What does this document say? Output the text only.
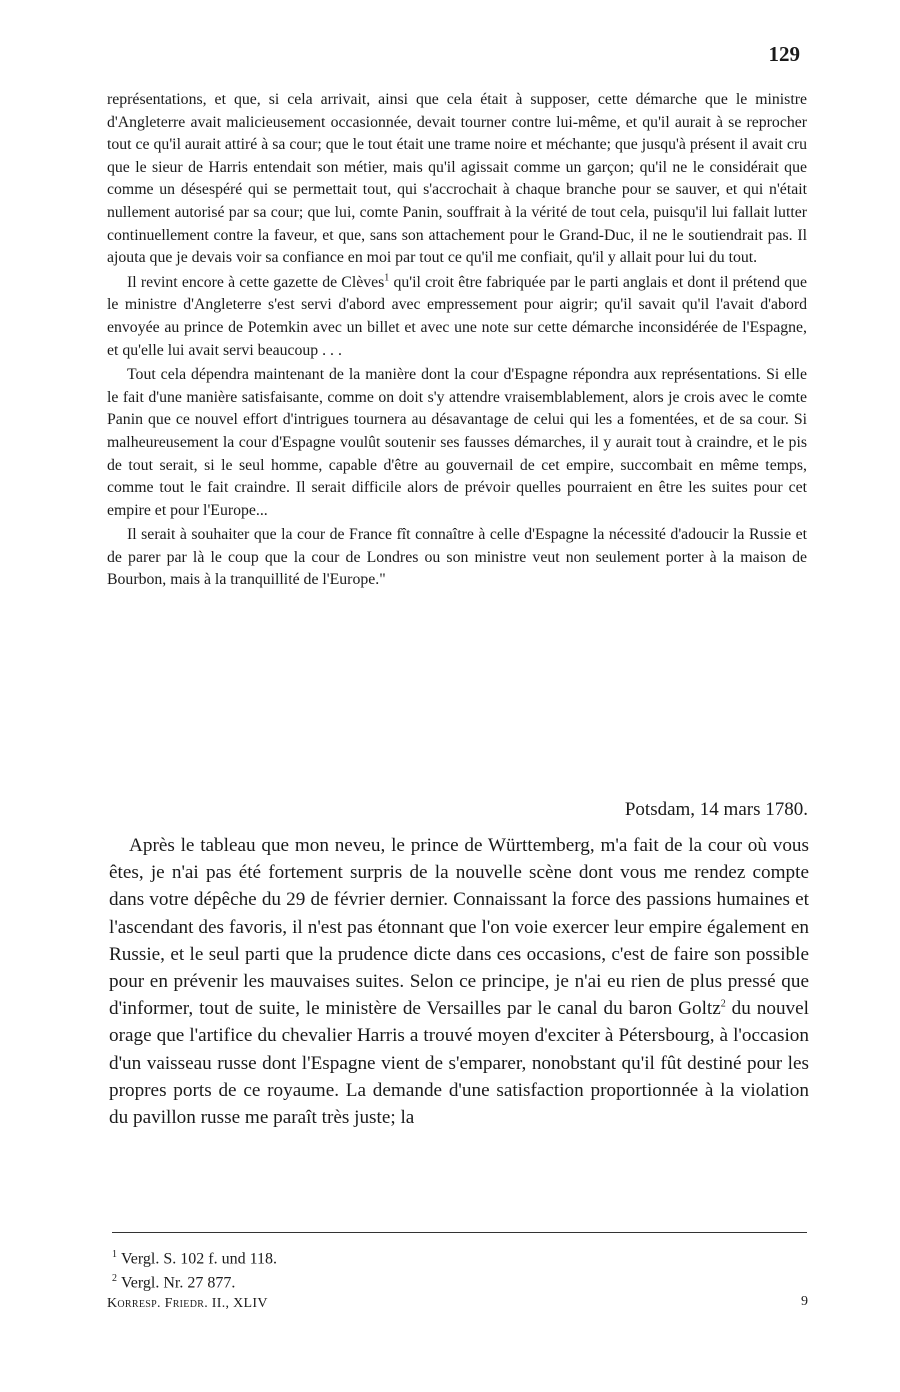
129

représentations, et que, si cela arrivait, ainsi que cela était à supposer, cette démarche que le ministre d'Angleterre avait malicieusement occasionnée, devait tourner contre lui-même, et qu'il aurait à se reprocher tout ce qu'il aurait attiré à sa cour; que le tout était une trame noire et méchante; que jusqu'à présent il avait cru que le sieur de Harris entendait son métier, mais qu'il agissait comme un garçon; qu'il ne le considérait que comme un désespéré qui se permettait tout, qui s'accrochait à chaque branche pour se sauver, et qui n'était nullement autorisé par sa cour; que lui, comte Panin, souffrait à la vérité de tout cela, puisqu'il lui fallait lutter continuellement contre la faveur, et que, sans son attachement pour le Grand-Duc, il ne le soutiendrait pas. Il ajouta que je devais voir sa confiance en moi par tout ce qu'il me confiait, qu'il y allait pour lui du tout.

Il revint encore à cette gazette de Clèves$^1$ qu'il croit être fabriquée par le parti anglais et dont il prétend que le ministre d'Angleterre s'est servi d'abord avec empressement pour aigrir; qu'il savait qu'il l'avait d'abord envoyée au prince de Potemkin avec un billet et avec une note sur cette démarche inconsidérée de l'Espagne, et qu'elle lui avait servi beaucoup . . .

Tout cela dépendra maintenant de la manière dont la cour d'Espagne répondra aux représentations. Si elle le fait d'une manière satisfaisante, comme on doit s'y attendre vraisemblablement, alors je crois avec le comte Panin que ce nouvel effort d'intrigues tournera au désavantage de celui qui les a fomentées, et de sa cour. Si malheureusement la cour d'Espagne voulût soutenir ses fausses démarches, il y aurait tout à craindre, et le pis de tout serait, si le seul homme, capable d'être au gouvernail de cet empire, succombait en même temps, comme tout le fait craindre. Il serait difficile alors de prévoir quelles pourraient en être les suites pour cet empire et pour l'Europe...

Il serait à souhaiter que la cour de France fît connaître à celle d'Espagne la nécessité d'adoucir la Russie et de parer par là le coup que la cour de Londres ou son ministre veut non seulement porter à la maison de Bourbon, mais à la tranquillité de l'Europe."

Potsdam, 14 mars 1780.

Après le tableau que mon neveu, le prince de Württemberg, m'a fait de la cour où vous êtes, je n'ai pas été fortement surpris de la nouvelle scène dont vous me rendez compte dans votre dépêche du 29 de février dernier. Connaissant la force des passions humaines et l'ascendant des favoris, il n'est pas étonnant que l'on voie exercer leur empire également en Russie, et le seul parti que la prudence dicte dans ces occasions, c'est de faire son possible pour en prévenir les mauvaises suites. Selon ce principe, je n'ai eu rien de plus pressé que d'informer, tout de suite, le ministère de Versailles par le canal du baron Goltz$^2$ du nouvel orage que l'artifice du chevalier Harris a trouvé moyen d'exciter à Pétersbourg, à l'occasion d'un vaisseau russe dont l'Espagne vient de s'emparer, nonobstant qu'il fût destiné pour les propres ports de ce royaume. La demande d'une satisfaction proportionnée à la violation du pavillon russe me paraît très juste; la

$^1$ Vergl. S. 102 f. und 118.
$^2$ Vergl. Nr. 27 877.
Korresp. Friedr. II., XLIV	9
